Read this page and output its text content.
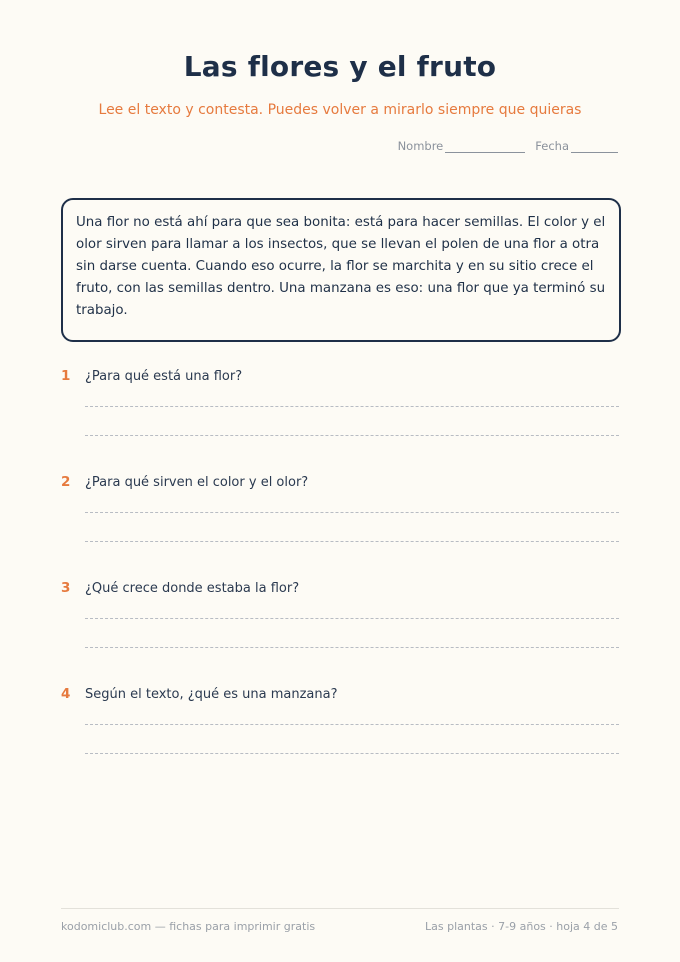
Las flores y el fruto
Lee el texto y contesta. Puedes volver a mirarlo siempre que quieras
Nombre	Fecha
Una flor no está ahí para que sea bonita: está para hacer semillas. El color y el olor sirven para llamar a los insectos, que se llevan el polen de una flor a otra sin darse cuenta. Cuando eso ocurre, la flor se marchita y en su sitio crece el fruto, con las semillas dentro. Una manzana es eso: una flor que ya terminó su trabajo.
1	¿Para qué está una flor?
2	¿Para qué sirven el color y el olor?
3	¿Qué crece donde estaba la flor?
4	Según el texto, ¿qué es una manzana?
kodomiclub.com — fichas para imprimir gratis	Las plantas · 7-9 años · hoja 4 de 5
